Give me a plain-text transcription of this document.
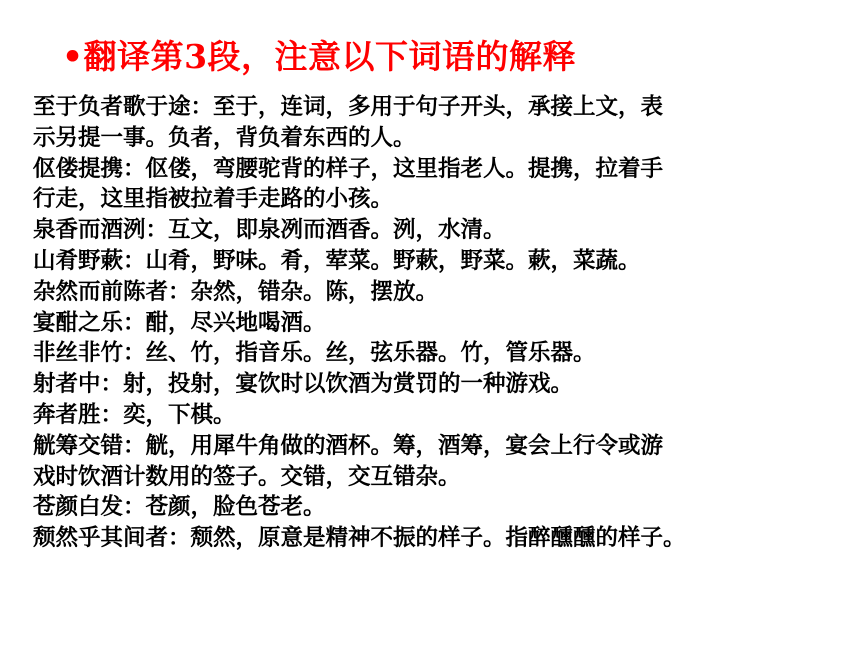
•翻译第3段，注意以下词语的解释

至于负者歌于途：至于，连词，多用于句子开头，承接上文，表

示另提一事。负者，背负着东西的人。

伛偻提携：伛偻，弯腰驼背的样子，这里指老人。提携，拉着手

行走，这里指被拉着手走路的小孩。

泉香而酒洌：互文，即泉冽而酒香。洌，水清。

山肴野蔌：山肴，野味。肴，荤菜。野蔌，野菜。蔌，菜蔬。

杂然而前陈者：杂然，错杂。陈，摆放。

宴酣之乐：酣，尽兴地喝酒。

非丝非竹：丝、竹，指音乐。丝，弦乐器。竹，管乐器。

射者中：射，投射，宴饮时以饮酒为赏罚的一种游戏。

奔者胜：奕，下棋。

觥筹交错：觥，用犀牛角做的酒杯。筹，酒筹，宴会上行令或游

戏时饮酒计数用的签子。交错，交互错杂。

苍颜白发：苍颜，脸色苍老。

颓然乎其间者：颓然，原意是精神不振的样子。指醉醺醺的样子。
